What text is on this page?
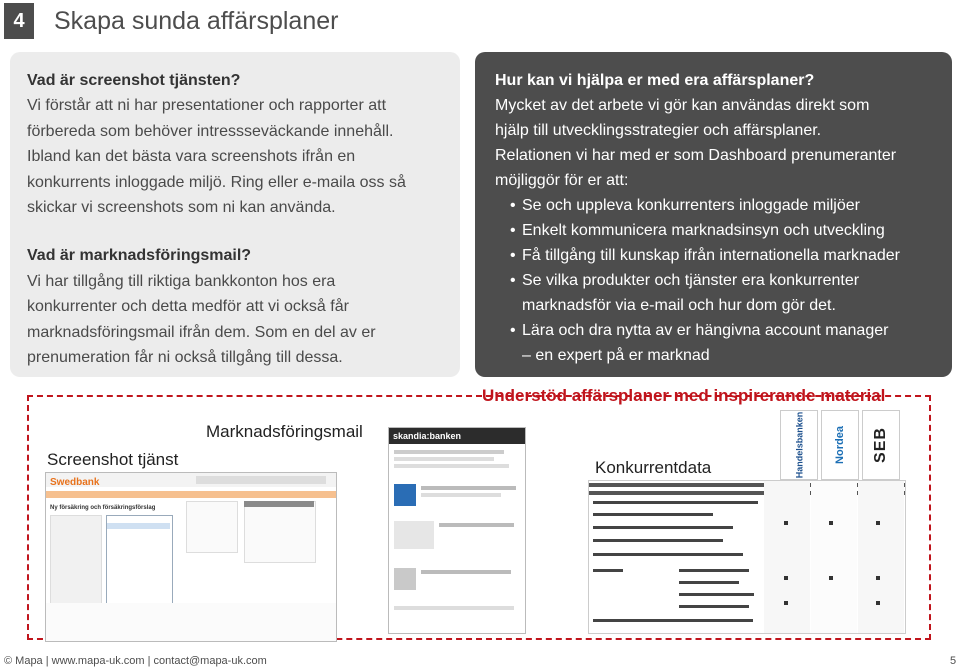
4	Skapa sunda affärsplaner

Vad är screenshot tjänsten?

Vi förstår att ni har presentationer och rapporter att

förbereda som behöver intressseväckande innehåll.

Ibland kan det bästa vara screenshots ifrån en

konkurrents inloggade miljö. Ring eller e-maila oss så

skickar vi screenshots som ni kan använda.

Vad är marknadsföringsmail?

Vi har tillgång till riktiga bankkonton hos era

konkurrenter och detta medför att vi också får

marknadsföringsmail ifrån dem. Som en del av er

prenumeration får ni också tillgång till dessa.

Hur kan vi hjälpa er med era affärsplaner?
Mycket av det arbete vi gör kan användas direkt som
hjälp till utvecklingsstrategier och affärsplaner.
Relationen vi har med er som Dashboard prenumeranter
möjliggör för er att:
• Se och uppleva konkurrenters inloggade miljöer
• Enkelt kommunicera marknadsinsyn och utveckling
• Få tillgång till kunskap ifrån internationella marknader
• Se vilka produkter och tjänster era konkurrenter
marknadsför via e-mail och hur dom gör det.
• Lära och dra nytta av er hängivna account manager
– en expert på er marknad
Understöd affärsplaner med inspirerande material
Screenshot tjänst
Marknadsföringsmail
Konkurrentdata
Swedbank
Ny försäkring och försäkringsförslag
skandia:banken	Handelsbanken	Nordea SEB
© Mapa | www.mapa-uk.com | contact@mapa-uk.com	5
